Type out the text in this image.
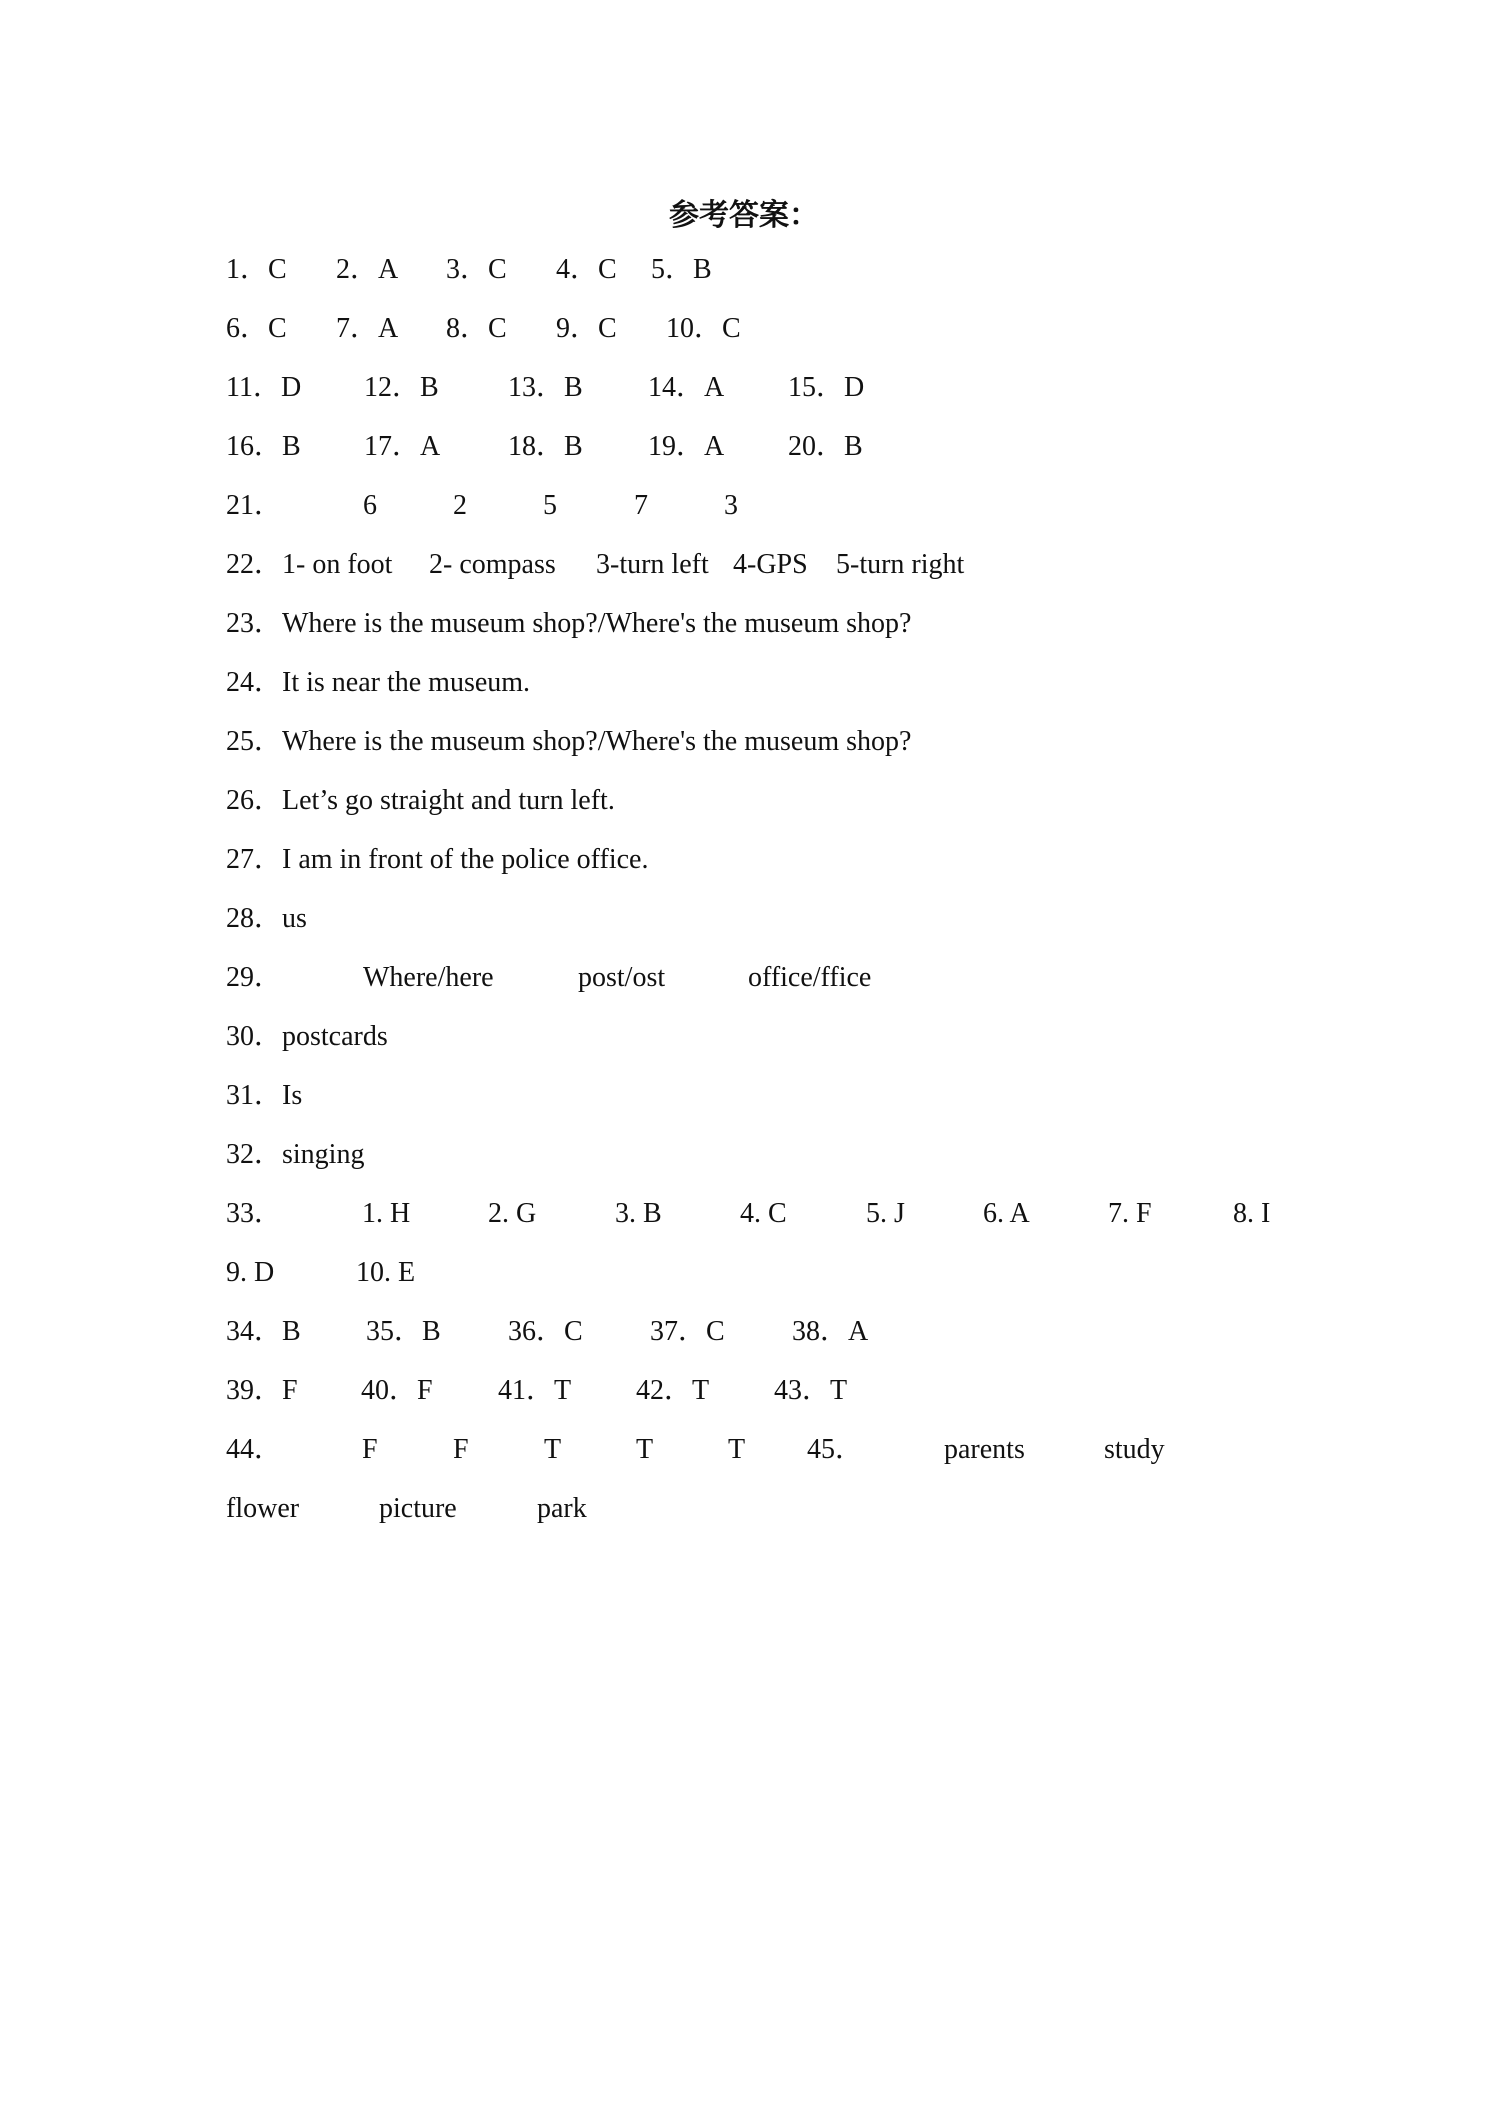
参考答案：
1．C 2．A 3．C 4．C 5．B
6．C 7．A 8．C 9．C 10．C
11．D 12．B 13．B 14．A 15．D
16．B 17．A 18．B 19．A 20．B
21．	6	2	5	7	3
22．1- on foot 2- compass 3-turn left 4-GPS 5-turn right
23．Where is the museum shop?/Where's the museum shop?
24．It is near the museum.
25．Where is the museum shop?/Where's the museum shop?
26．Let’s go straight and turn left.
27．I am in front of the police office.
28．us
29．	Where/here	post/ost	office/ffice
30．postcards
31．Is
32．singing
33．	1. H	2. G	3. B	4. C	5. J	6. A	7. F	8. I
9. D	10. E
34．B 35．B 36．C 37．C 38．A
39．F 40．F 41．T 42．T 43．T
44．	F	F	T	T	T 45．	parents	study
flower	picture	park
